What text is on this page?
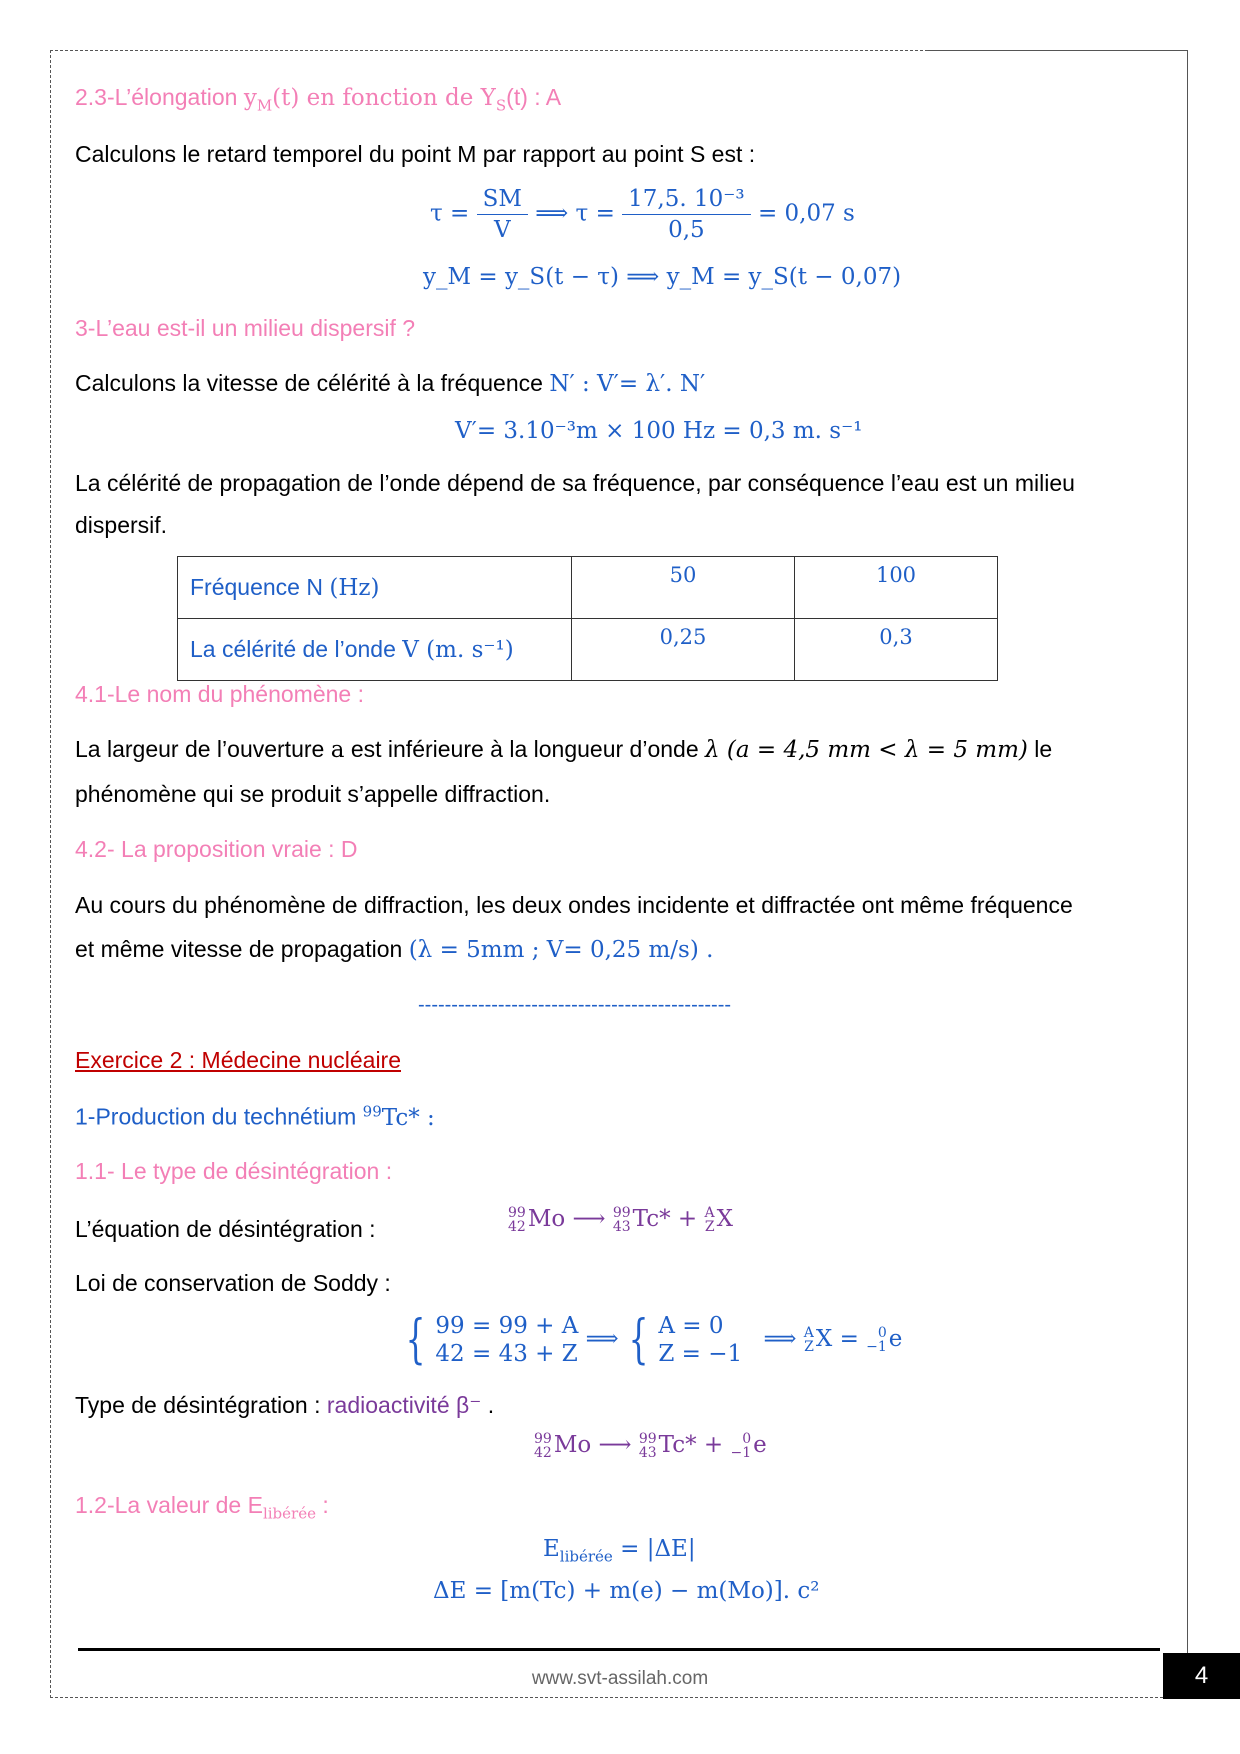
2.3-L’élongation $y_M(t)$ en fonction de $Y_S(t)$ : A
Calculons le retard temporel du point M par rapport au point S est :
$\tau = \frac{SM}{V}$ ⟹ $\tau = \frac{\text{17,5. 10⁻³}}{0,5} = 0,07$ s
y_M = y_S(t − τ) ⟹ y_M = y_S(t − 0,07)
3-L’eau est-il un milieu dispersif ?
Calculons la vitesse de célérité à la fréquence N′ : V′= λ′. N′
V′= 3.10⁻³m × 100 Hz = 0,3 m. s⁻¹
La célérité de propagation de l’onde dépend de sa fréquence, par conséquence l’eau est un milieu
dispersif.
Fréquence N (Hz)	50	100
La célérité de l’onde V (m. s⁻¹)	0,25	0,3
4.1-Le nom du phénomène :
La largeur de l’ouverture a est inférieure à la longueur d’onde λ (a = 4,5 mm < λ = 5 mm) le
phénomène qui se produit s’appelle diffraction.
4.2- La proposition vraie : D
Au cours du phénomène de diffraction, les deux ondes incidente et diffractée ont même fréquence
et même vitesse de propagation (λ = 5mm ; V= 0,25 m/s) .
-----------------------------------------------
Exercice 2 : Médecine nucléaire
1-Production du technétium $^{99}$Tc* :
1.1- Le type de désintégration :
L’équation de désintégration :
99
42 Mo ⟶ 99
43 Tc* + A
Z X
Loi de conservation de Soddy :
{ 99 = 99 + A
42 = 43 + Z
⟹ { A = 0
Z = −1
⟹ A
Z X =	0
−1 e
Type de désintégration : radioactivité β⁻ .
99
42 Mo ⟶ 99
43 Tc* +	0
−1 e
1.2-La valeur de $E_{libérée}$ :
$E_{libérée} = |\Delta E|$
ΔE = [m(Tc) + m(e) − m(Mo)]. c²
www.svt-assilah.com	4
